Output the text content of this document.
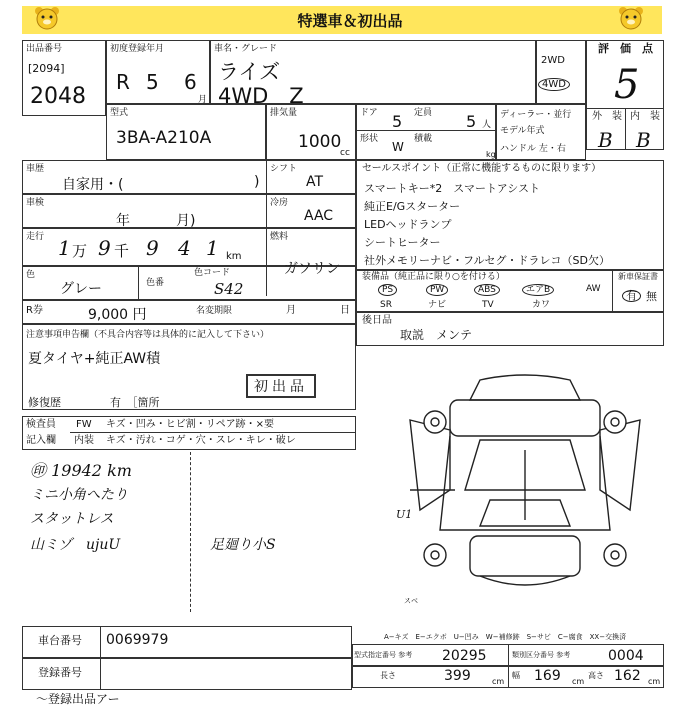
特選車＆初出品
出品番号
[2094]
2048
初度登録年月
R 5 6
月
車名・グレード
ライズ
4WD　Z
2WD
4WD
評　価　点
5
外　装 内　装
B B
型式
3BA-A210A
排気量
1000
cc
ドア 5 定員 5 人
形状
W
積載
kg
ディーラー・並行
モデル年式
ハンドル 左・右
車歴
自家用・(	)
シフト
AT
車検
年	月)
冷房
AAC
走行 1 万 9 千 9 4 1 km
燃料
ガソリン
色
グレー	色番
色コード
S42
R券	9,000 円	名変期限	月	日
注意事項申告欄（不具合内容等は具体的に記入して下さい）
夏タイヤ+純正AW積
初出品
修復歴	有　［箇所
検査員
記入欄
FW キズ・凹み・ヒビ割・リペア跡・×要
内装 キズ・汚れ・コゲ・穴・スレ・キレ・破レ
㊞ 19942 km
ミニ小角へたり
スタットレス
山ミゾ　ujuU	足廻り小S
セールスポイント（正常に機能するものに限ります）
スマートキー*2　スマートアシスト
純正E/Gスターター
LEDヘッドランプ
シートヒーター
社外メモリーナビ・フルセグ・ドラレコ（SD欠）
装備品（純正品に限り○を付ける）
PS	PW	ABS	エアB	AW
SR	ナビ	TV	カワ
新車保証書
有 無
後日品
取説　メンテ
U1
スベ
A−キズ　E−エクボ　U−凹み　W−補修跡　S−サビ　C−腐食　XX−交換済
車台番号 0069979
登録番号
型式指定番号 参考 20295	類別区分番号 参考	0004
長さ	399	cm
幅 169 cm
高さ 162 cm
～登録出品アー
